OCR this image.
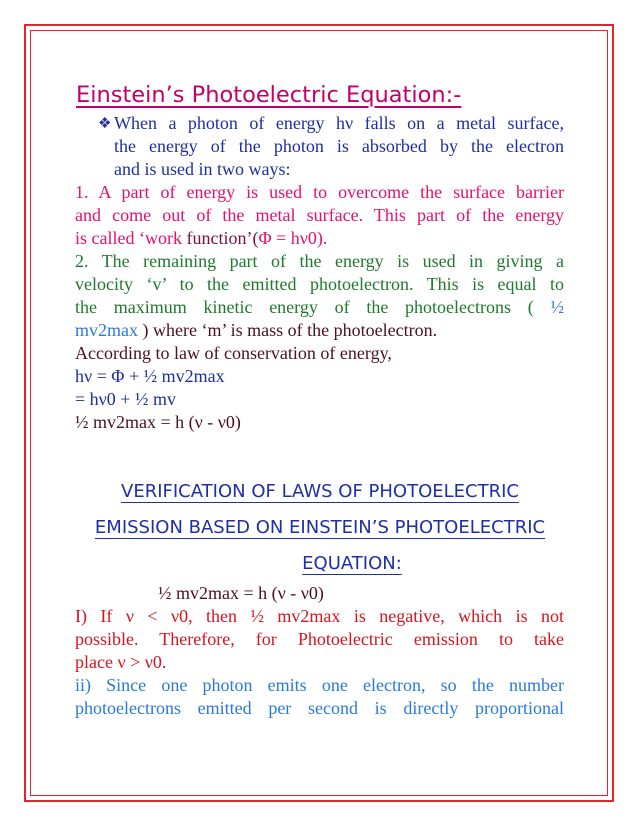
Einstein’s Photoelectric Equation:-
❖ When a photon of energy hν falls on a metal surface,

the energy of the photon is absorbed by the electron

and is used in two ways:

1. A part of energy is used to overcome the surface barrier

and come out of the metal surface. This part of the energy

is called ‘work function’(Φ = hν0).

2. The remaining part of the energy is used in giving a

velocity ‘v’ to the emitted photoelectron. This is equal to

the maximum kinetic energy of the photoelectrons ( ½

mv2max ) where ‘m’ is mass of the photoelectron.

According to law of conservation of energy,

hν = Φ + ½ mv2max

= hν0 + ½ mv

½ mv2max = h (ν - ν0)

VERIFICATION OF LAWS OF PHOTOELECTRIC
EMISSION BASED ON EINSTEIN’S PHOTOELECTRIC
EQUATION:

½ mv2max = h (ν - ν0)

I) If ν < ν0, then ½ mv2max is negative, which is not

possible. Therefore, for Photoelectric emission to take

place ν > ν0.

ii) Since one photon emits one electron, so the number

photoelectrons emitted per second is directly proportional
